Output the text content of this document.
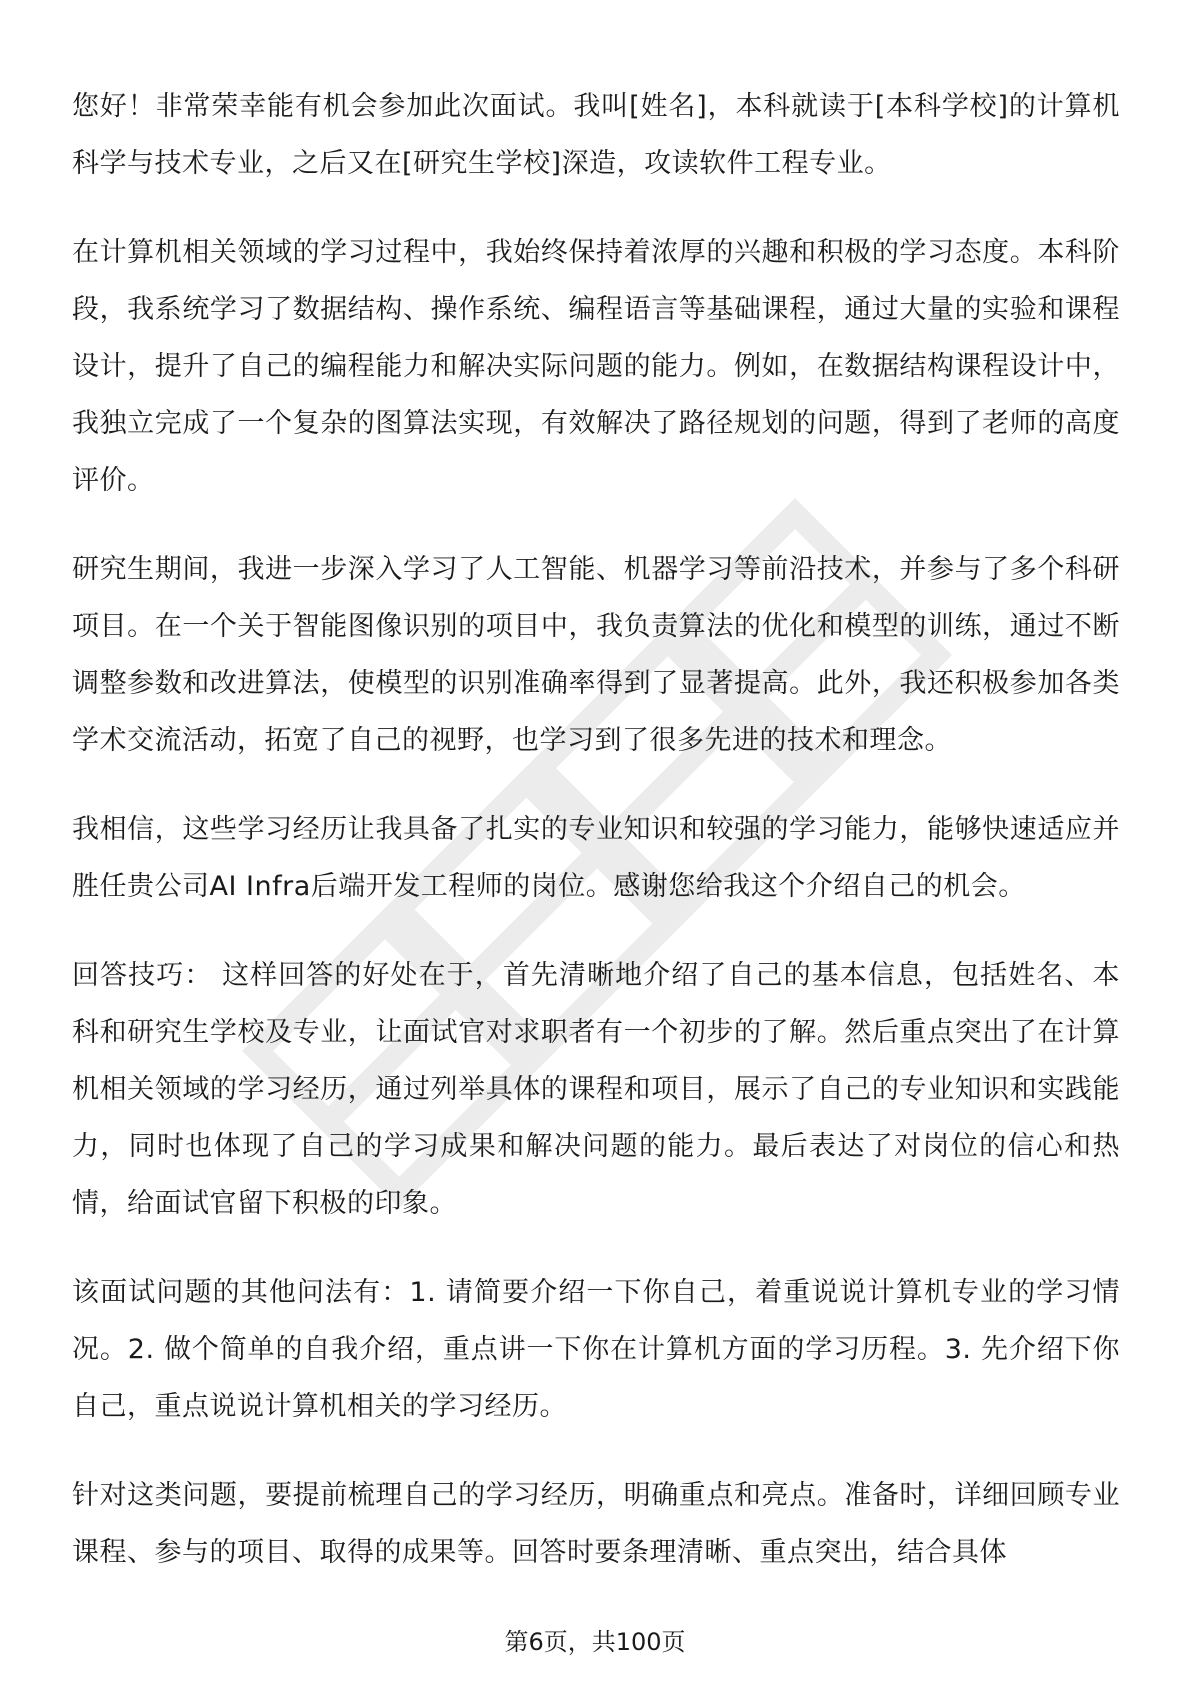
您好！非常荣幸能有机会参加此次面试。我叫[姓名]，本科就读于[本科学校]的计算机科学与技术专业，之后又在[研究生学校]深造，攻读软件工程专业。

在计算机相关领域的学习过程中，我始终保持着浓厚的兴趣和积极的学习态度。本科阶段，我系统学习了数据结构、操作系统、编程语言等基础课程，通过大量的实验和课程设计，提升了自己的编程能力和解决实际问题的能力。例如，在数据结构课程设计中，我独立完成了一个复杂的图算法实现，有效解决了路径规划的问题，得到了老师的高度评价。

研究生期间，我进一步深入学习了人工智能、机器学习等前沿技术，并参与了多个科研项目。在一个关于智能图像识别的项目中，我负责算法的优化和模型的训练，通过不断调整参数和改进算法，使模型的识别准确率得到了显著提高。此外，我还积极参加各类学术交流活动，拓宽了自己的视野，也学习到了很多先进的技术和理念。

我相信，这些学习经历让我具备了扎实的专业知识和较强的学习能力，能够快速适应并胜任贵公司AI Infra后端开发工程师的岗位。感谢您给我这个介绍自己的机会。

回答技巧： 这样回答的好处在于，首先清晰地介绍了自己的基本信息，包括姓名、本科和研究生学校及专业，让面试官对求职者有一个初步的了解。然后重点突出了在计算机相关领域的学习经历，通过列举具体的课程和项目，展示了自己的专业知识和实践能力，同时也体现了自己的学习成果和解决问题的能力。最后表达了对岗位的信心和热情，给面试官留下积极的印象。

该面试问题的其他问法有：1. 请简要介绍一下你自己，着重说说计算机专业的学习情况。2. 做个简单的自我介绍，重点讲一下你在计算机方面的学习历程。3. 先介绍下你自己，重点说说计算机相关的学习经历。

针对这类问题，要提前梳理自己的学习经历，明确重点和亮点。准备时，详细回顾专业课程、参与的项目、取得的成果等。回答时要条理清晰、重点突出，结合具体

第6页，共100页
